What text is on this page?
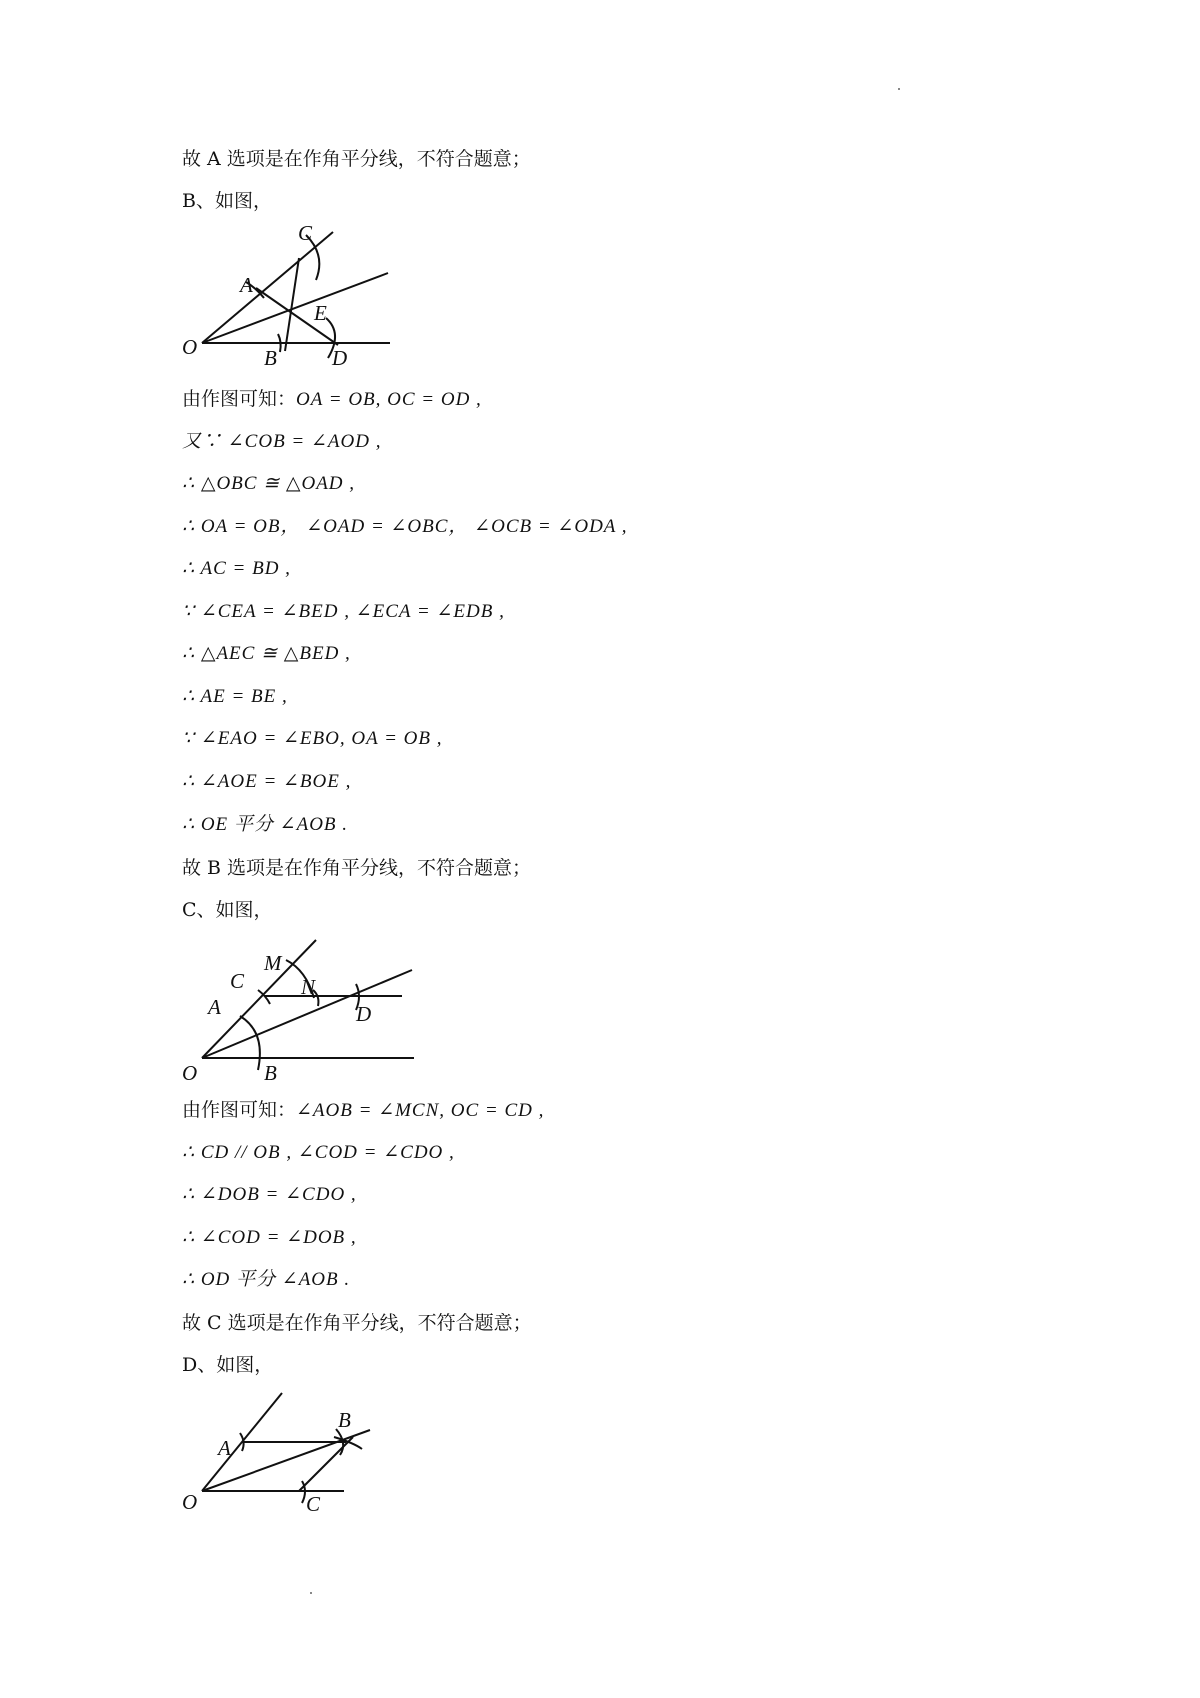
故 A 选项是在作角平分线，不符合题意；
B、如图，
C
A
E
O	B	D
由作图可知：OA = OB, OC = OD ,
又∵ ∠COB = ∠AOD ,
∴ △OBC ≅ △OAD ,
∴ OA = OB， ∠OAD = ∠OBC， ∠OCB = ∠ODA ,
∴ AC = BD ,
∵ ∠CEA = ∠BED , ∠ECA = ∠EDB ,
∴ △AEC ≅ △BED ,
∴ AE = BE ,
∵ ∠EAO = ∠EBO, OA = OB ,
∴ ∠AOE = ∠BOE ,
∴ OE 平分 ∠AOB .
故 B 选项是在作角平分线，不符合题意；
C、如图，
M
C
A
N
D
O	B
由作图可知：∠AOB = ∠MCN, OC = CD ,
∴ CD // OB , ∠COD = ∠CDO ,
∴ ∠DOB = ∠CDO ,
∴ ∠COD = ∠DOB ,
∴ OD 平分 ∠AOB .
故 C 选项是在作角平分线，不符合题意；
D、如图，
A
B
O	C
